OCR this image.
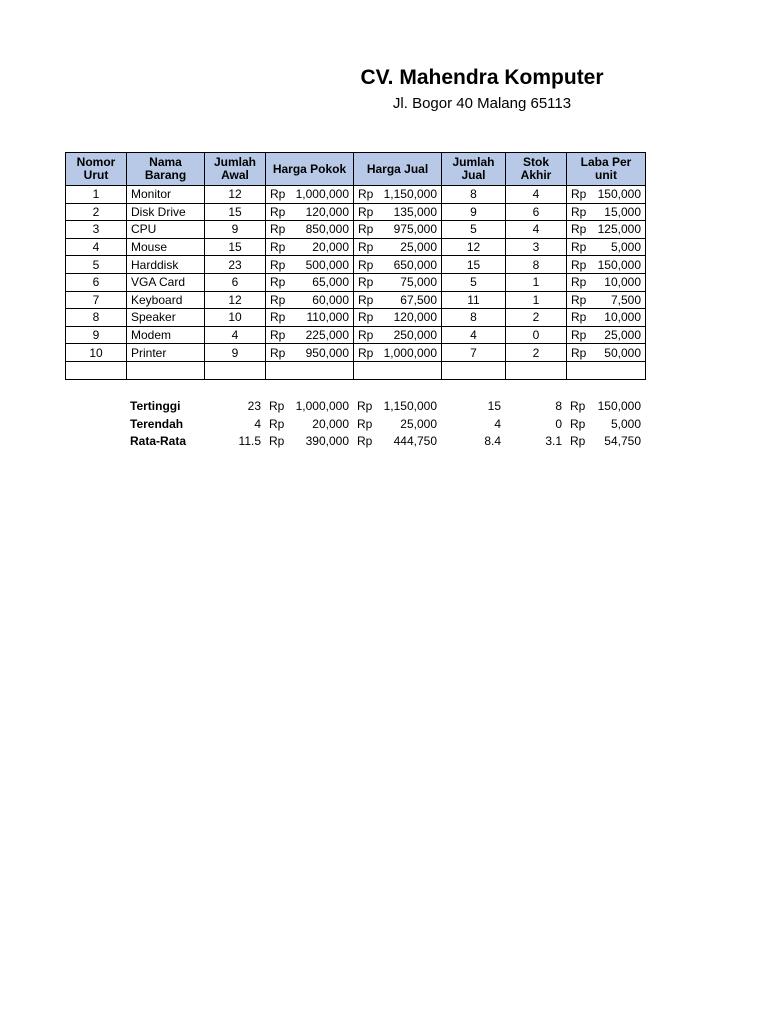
CV. Mahendra Komputer
Jl. Bogor 40 Malang 65113
Nomor Urut	Nama Barang	Jumlah Awal	Harga Pokok	Harga Jual	Jumlah Jual	Stok Akhir	Laba Per unit
1	Monitor	12	Rp 1,000,000	Rp 1,150,000	8	4	Rp 150,000

2	Disk Drive	15	Rp 120,000	Rp 135,000	9	6	Rp 15,000

3	CPU	9	Rp 850,000	Rp 975,000	5	4	Rp 125,000

4	Mouse	15	Rp 20,000	Rp 25,000	12	3	Rp 5,000

5	Harddisk	23	Rp 500,000	Rp 650,000	15	8	Rp 150,000

6	VGA Card	6	Rp 65,000	Rp 75,000	5	1	Rp 10,000

7	Keyboard	12	Rp 60,000	Rp 67,500	11	1	Rp 7,500

8	Speaker	10	Rp 110,000	Rp 120,000	8	2	Rp 10,000

9	Modem	4	Rp 225,000	Rp 250,000	4	0	Rp 25,000

10	Printer	9	Rp 950,000	Rp 1,000,000	7	2	Rp 50,000

	Tertinggi	23	Rp 1,000,000	Rp 1,150,000	15	8	Rp 150,000

	Terendah	4	Rp 20,000	Rp 25,000	4	0	Rp 5,000

	Rata-Rata	11.5	Rp 390,000	Rp 444,750	8.4	3.1	Rp 54,750
